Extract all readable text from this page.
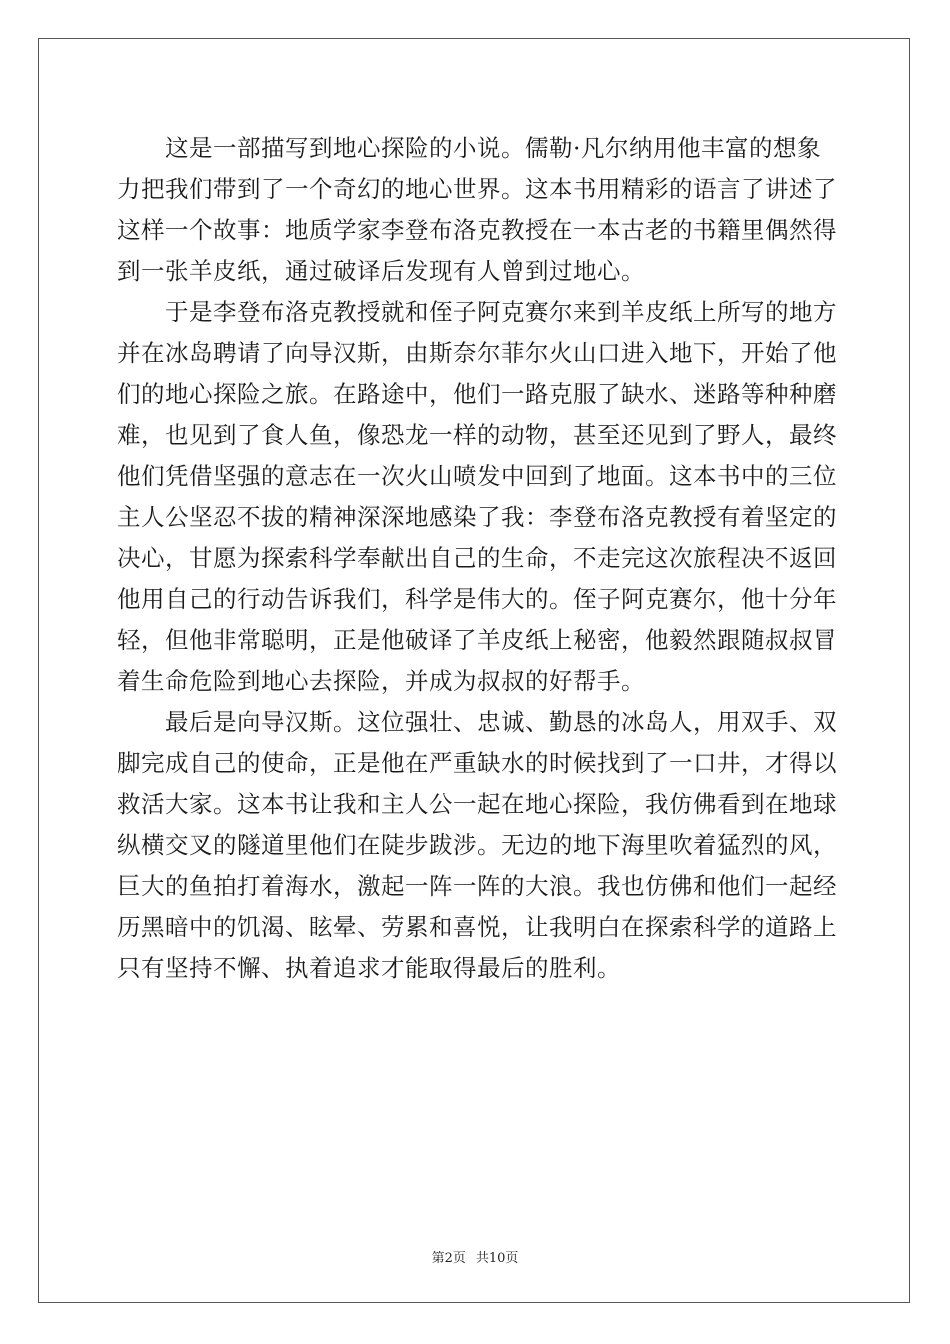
　　这是一部描写到地心探险的小说。儒勒·凡尔纳用他丰富的想象

力把我们带到了一个奇幻的地心世界。这本书用精彩的语言了讲述了

这样一个故事：地质学家李登布洛克教授在一本古老的书籍里偶然得

到一张羊皮纸，通过破译后发现有人曾到过地心。

　　于是李登布洛克教授就和侄子阿克赛尔来到羊皮纸上所写的地方

并在冰岛聘请了向导汉斯，由斯奈尔菲尔火山口进入地下，开始了他

们的地心探险之旅。在路途中，他们一路克服了缺水、迷路等种种磨

难，也见到了食人鱼，像恐龙一样的动物，甚至还见到了野人，最终

他们凭借坚强的意志在一次火山喷发中回到了地面。这本书中的三位

主人公坚忍不拔的精神深深地感染了我：李登布洛克教授有着坚定的

决心，甘愿为探索科学奉献出自己的生命，不走完这次旅程决不返回

他用自己的行动告诉我们，科学是伟大的。侄子阿克赛尔，他十分年

轻，但他非常聪明，正是他破译了羊皮纸上秘密，他毅然跟随叔叔冒

着生命危险到地心去探险，并成为叔叔的好帮手。

　　最后是向导汉斯。这位强壮、忠诚、勤恳的冰岛人，用双手、双

脚完成自己的使命，正是他在严重缺水的时候找到了一口井，才得以

救活大家。这本书让我和主人公一起在地心探险，我仿佛看到在地球

纵横交叉的隧道里他们在陡步跋涉。无边的地下海里吹着猛烈的风，

巨大的鱼拍打着海水，激起一阵一阵的大浪。我也仿佛和他们一起经

历黑暗中的饥渴、眩晕、劳累和喜悦，让我明白在探索科学的道路上

只有坚持不懈、执着追求才能取得最后的胜利。

第2页 共10页
